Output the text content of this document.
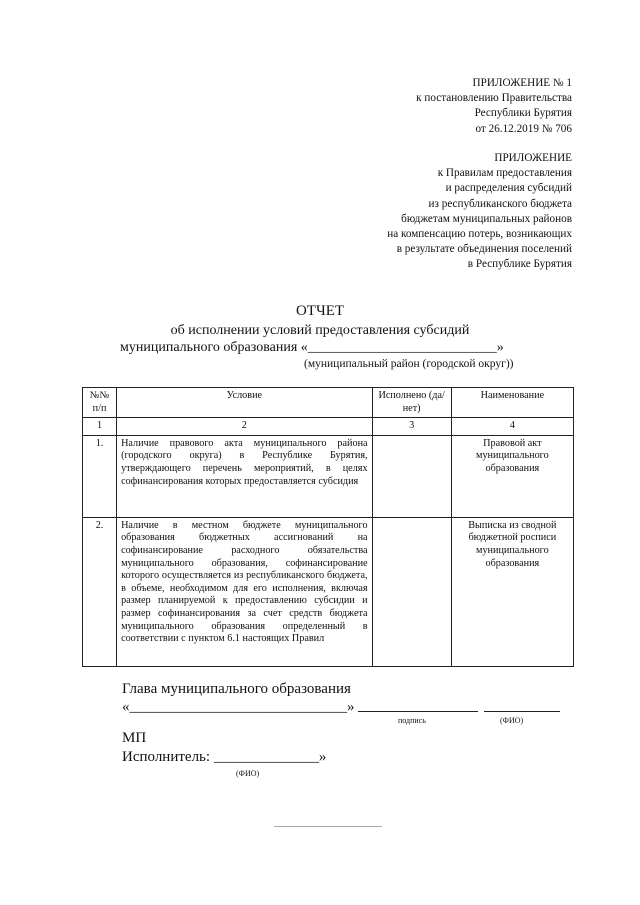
ПРИЛОЖЕНИЕ № 1
к постановлению Правительства
Республики Бурятия
от 26.12.2019 № 706
ПРИЛОЖЕНИЕ
к Правилам предоставления
и распределения субсидий
из республиканского бюджета
бюджетам муниципальных районов
на компенсацию потерь, возникающих
в результате объединения поселений
в Республике Бурятия
ОТЧЕТ
об исполнении условий предоставления субсидий
муниципального образования «___________________________»
(муниципальный район (городской округ))
№№ п/п	Условие	Исполнено (да/нет)	Наименование
1	2	3	4
1.	Наличие правового акта муниципального района (городского округа) в Республике Бурятия, утверждающего перечень мероприятий, в целях софинансирования которых предоставляется субсидия		Правовой акт муниципального образования
2.	Наличие в местном бюджете муниципального образования бюджетных ассигнований на софинансирование расходного обязательства муниципального образования, софинансирование которого осуществляется из республиканского бюджета, в объеме, необходимом для его исполнения, включая размер планируемой к предоставлению субсидии и размер софинансирования за счет средств бюджета муниципального образования определенный в соответствии с пунктом 6.1 настоящих Правил		Выписка из сводной бюджетной росписи муниципального образования
Глава муниципального образования
«_____________________________»
подпись	(ФИО)
МП
Исполнитель: ______________»
(ФИО)
